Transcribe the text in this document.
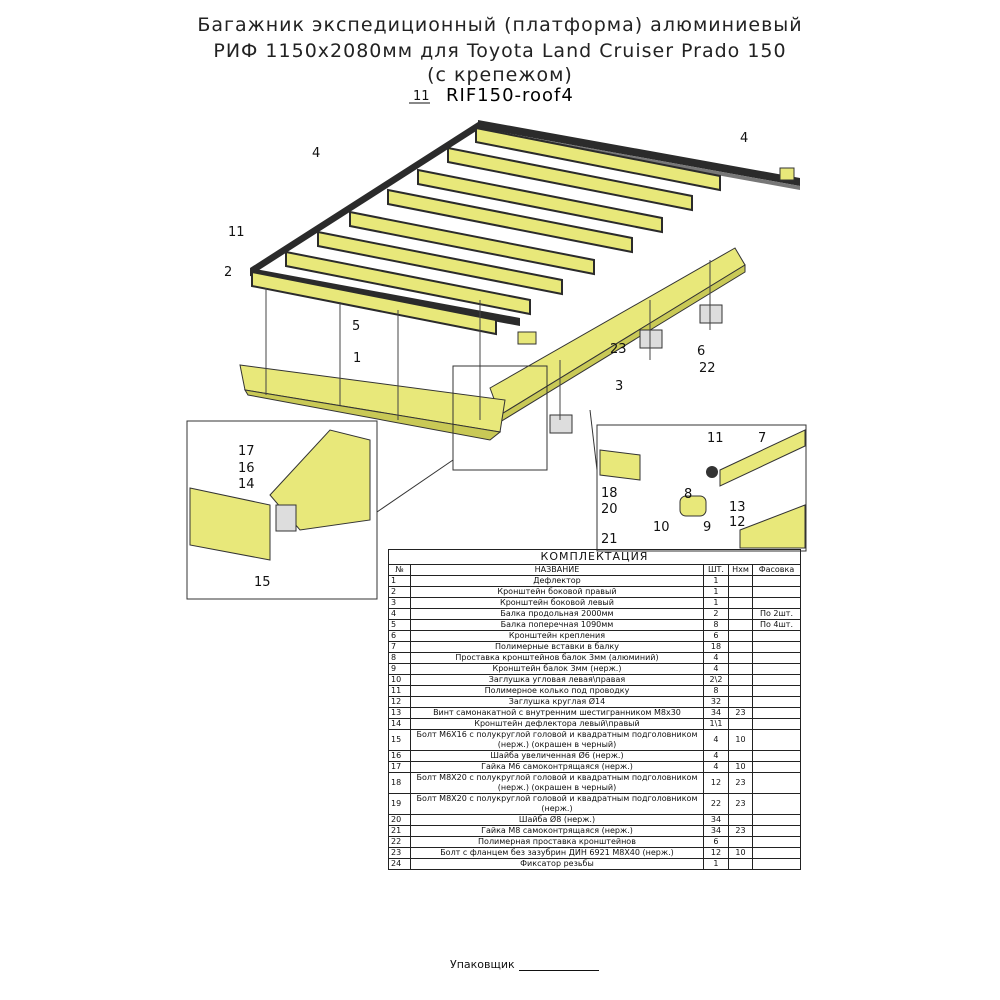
Багажник экспедиционный (платформа) алюминиевый
РИФ 1150х2080мм для Toyota Land Cruiser Prado 150
(с крепежом)
11 RIF150-roof4
4
4
11
2
5
1
23
3
6
22
17
16
14
15
11	7
18	8
20	13
12
10	9
21
КОМПЛЕКТАЦИЯ				
№	НАЗВАНИЕ	ШТ.	Нхм	Фасовка
1	Дефлектор	1		
2	Кронштейн боковой правый	1		
3	Кронштейн боковой левый	1		
4	Балка продольная 2000мм	2		По 2шт.
5	Балка поперечная 1090мм	8		По 4шт.
6	Кронштейн крепления	6		
7	Полимерные вставки в балку	18		
8	Проставка кронштейнов балок 3мм (алюминий)	4		
9	Кронштейн балок 3мм (нерж.)	4		
10	Заглушка угловая левая\правая	2\2		
11	Полимерное колько под проводку	8		
12	Заглушка круглая Ø14	32		
13	Винт самонакатной с внутренним шестигранником М8х30	34	23	
14	Кронштейн дефлектора левый\правый	1\1		
15	Болт М6Х16 с полукруглой головой и квадратным подголовником (нерж.) (окрашен в черный)	4	10	
16	Шайба увеличенная Ø6 (нерж.)	4		
17	Гайка М6 самоконтрящаяся (нерж.)	4	10	
18	Болт М8Х20 с полукруглой головой и квадратным подголовником (нерж.) (окрашен в черный)	12	23	
19	Болт М8Х20 с полукруглой головой и квадратным подголовником (нерж.)	22	23	
20	Шайба Ø8 (нерж.)	34		
21	Гайка М8 самоконтрящаяся (нерж.)	34	23	
22	Полимерная проставка кронштейнов	6		
23	Болт с фланцем без зазубрин ДИН 6921 М8Х40 (нерж.)	12	10	
24	Фиксатор резьбы	1		
Упаковщик
